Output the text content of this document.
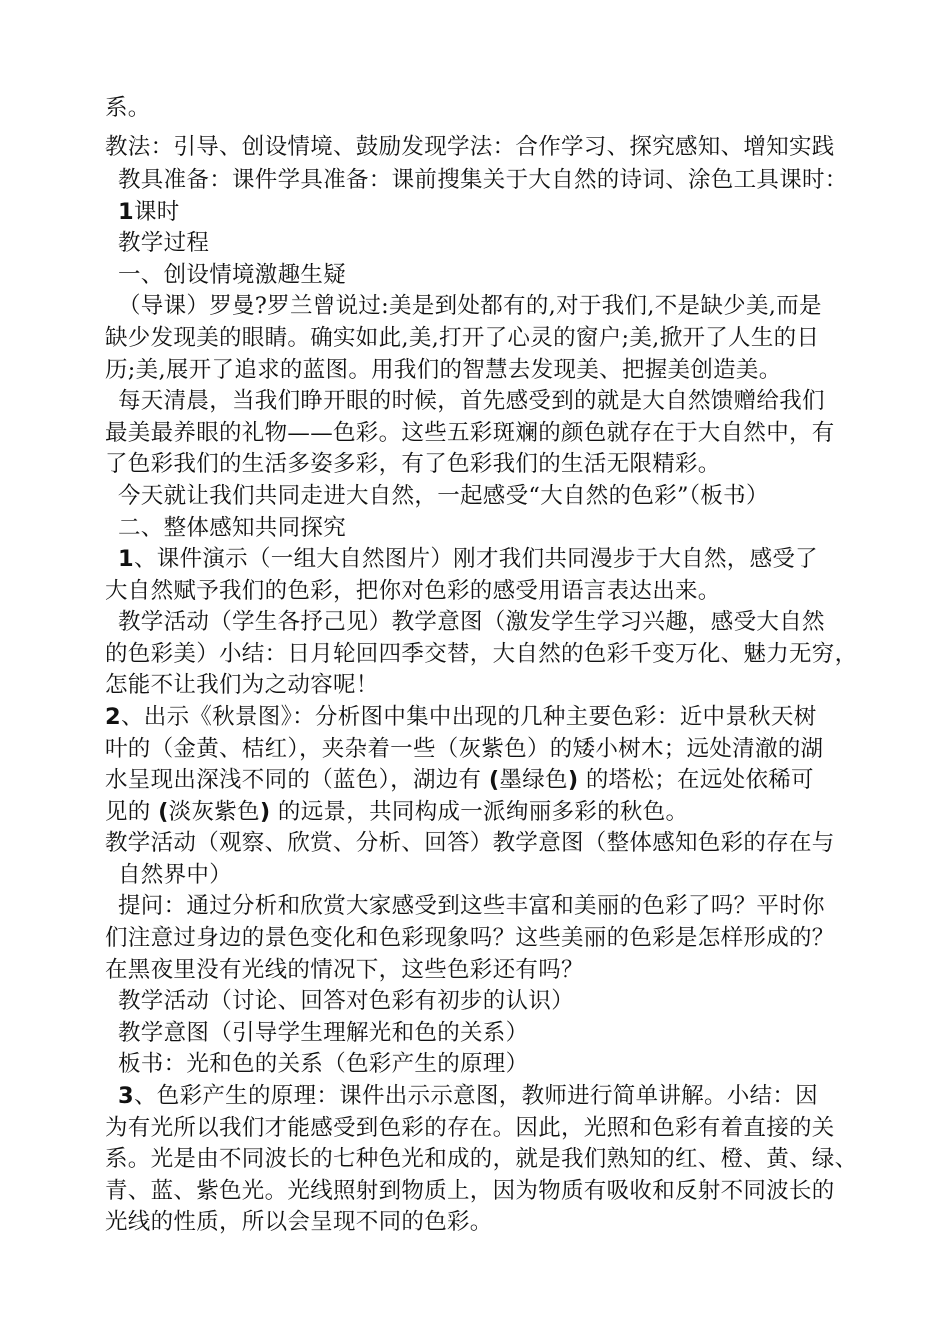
系。
教法：引导、创设情境、鼓励发现学法：合作学习、探究感知、增知实践
教具准备：课件学具准备：课前搜集关于大自然的诗词、涂色工具课时：
1课时
教学过程
一、创设情境激趣生疑
（导课）罗曼?罗兰曾说过:美是到处都有的,对于我们,不是缺少美,而是
缺少发现美的眼睛。确实如此,美,打开了心灵的窗户;美,掀开了人生的日
历;美,展开了追求的蓝图。用我们的智慧去发现美、把握美创造美。
每天清晨，当我们睁开眼的时候，首先感受到的就是大自然馈赠给我们
最美最养眼的礼物——色彩。这些五彩斑斓的颜色就存在于大自然中，有
了色彩我们的生活多姿多彩，有了色彩我们的生活无限精彩。
今天就让我们共同走进大自然，一起感受“大自然的色彩”（板书）
二、整体感知共同探究
1、课件演示（一组大自然图片）刚才我们共同漫步于大自然，感受了
大自然赋予我们的色彩，把你对色彩的感受用语言表达出来。
教学活动（学生各抒己见）教学意图（激发学生学习兴趣，感受大自然
的色彩美）小结：日月轮回四季交替，大自然的色彩千变万化、魅力无穷，
怎能不让我们为之动容呢！
2、出示《秋景图》：分析图中集中出现的几种主要色彩：近中景秋天树
叶的（金黄、桔红），夹杂着一些（灰紫色）的矮小树木；远处清澈的湖
水呈现出深浅不同的（蓝色），湖边有 (墨绿色) 的塔松；在远处依稀可
见的 (淡灰紫色) 的远景，共同构成一派绚丽多彩的秋色。
教学活动（观察、欣赏、分析、回答）教学意图（整体感知色彩的存在与
自然界中）
提问：通过分析和欣赏大家感受到这些丰富和美丽的色彩了吗？平时你
们注意过身边的景色变化和色彩现象吗？这些美丽的色彩是怎样形成的？
在黑夜里没有光线的情况下，这些色彩还有吗？
教学活动（讨论、回答对色彩有初步的认识）
教学意图（引导学生理解光和色的关系）
板书：光和色的关系（色彩产生的原理）
3、色彩产生的原理：课件出示示意图，教师进行简单讲解。小结：因
为有光所以我们才能感受到色彩的存在。因此，光照和色彩有着直接的关
系。光是由不同波长的七种色光和成的，就是我们熟知的红、橙、黄、绿、
青、蓝、紫色光。光线照射到物质上，因为物质有吸收和反射不同波长的
光线的性质，所以会呈现不同的色彩。
